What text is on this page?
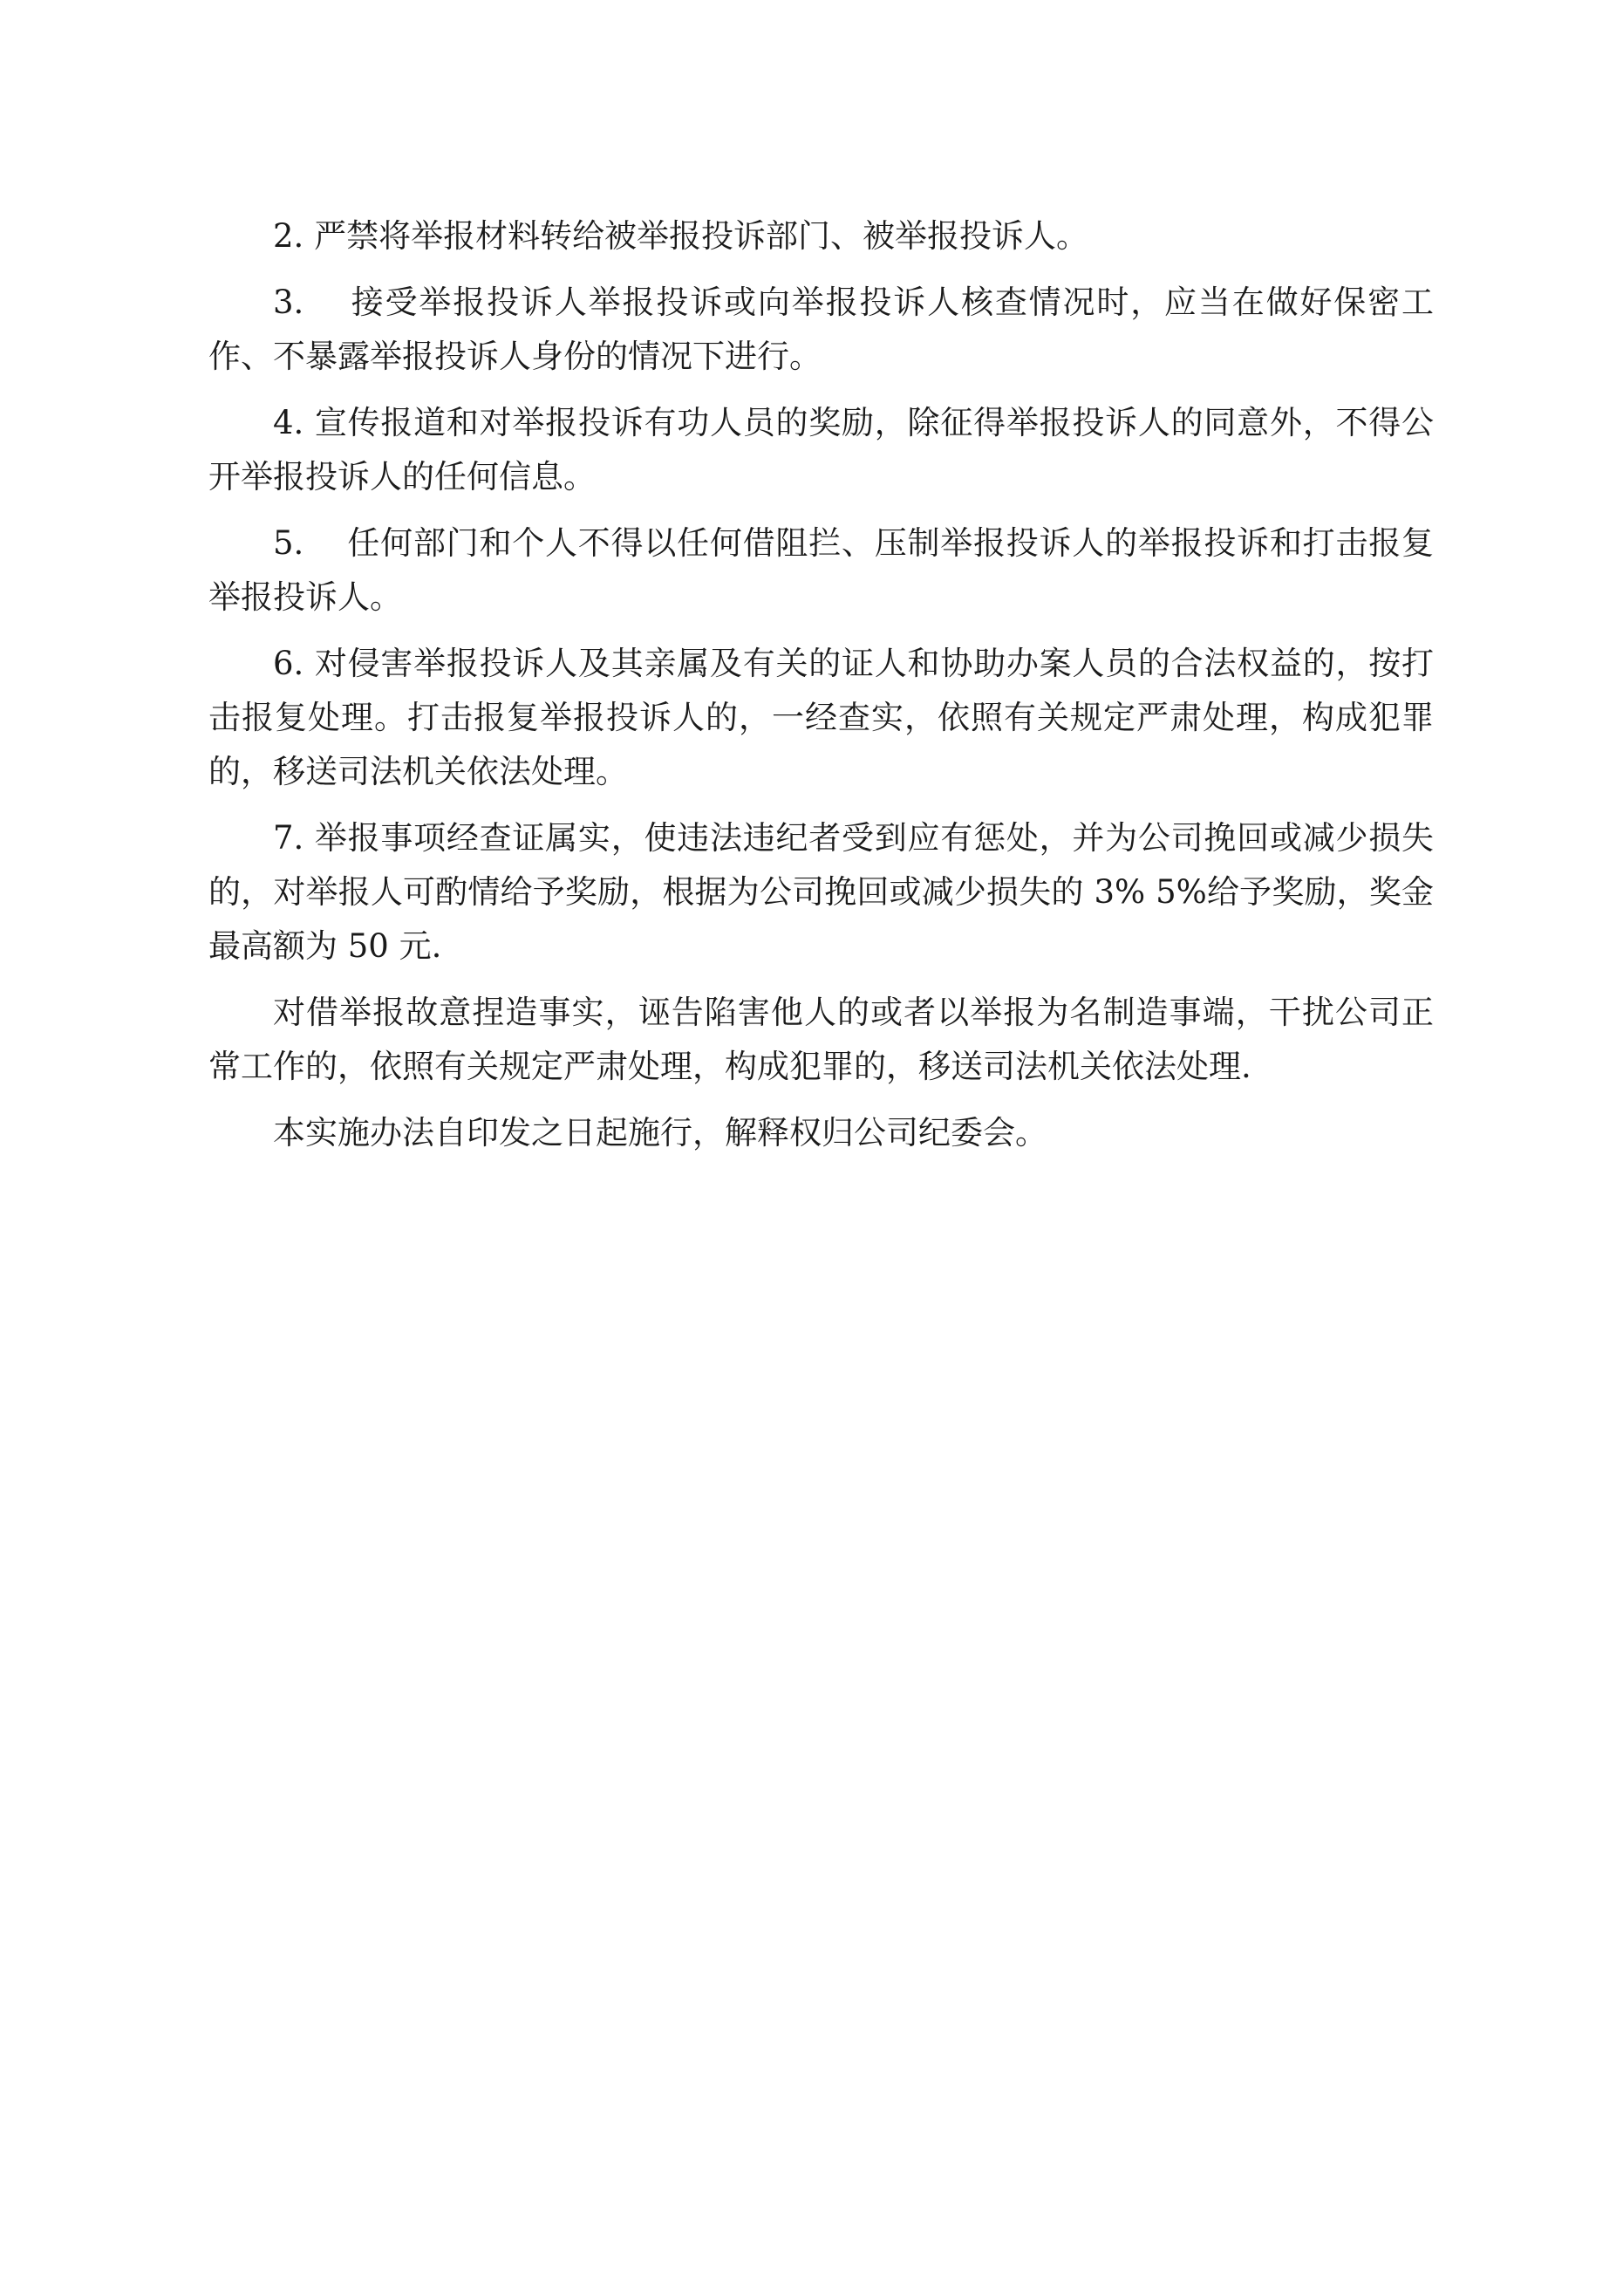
2. 严禁将举报材料转给被举报投诉部门、被举报投诉人。

3.    接受举报投诉人举报投诉或向举报投诉人核查情况时，应当在做好保密工作、不暴露举报投诉人身份的情况下进行。

4. 宣传报道和对举报投诉有功人员的奖励，除征得举报投诉人的同意外，不得公开举报投诉人的任何信息。

5.    任何部门和个人不得以任何借阻拦、压制举报投诉人的举报投诉和打击报复举报投诉人。

6. 对侵害举报投诉人及其亲属及有关的证人和协助办案人员的合法权益的，按打击报复处理。打击报复举报投诉人的，一经查实，依照有关规定严肃处理，构成犯罪的，移送司法机关依法处理。

7. 举报事项经查证属实，使违法违纪者受到应有惩处，并为公司挽回或减少损失的，对举报人可酌情给予奖励，根据为公司挽回或减少损失的 3% 5%给予奖励，奖金最高额为 50 元.

对借举报故意捏造事实，诬告陷害他人的或者以举报为名制造事端，干扰公司正常工作的，依照有关规定严肃处理，构成犯罪的，移送司法机关依法处理.

本实施办法自印发之日起施行，解释权归公司纪委会。
